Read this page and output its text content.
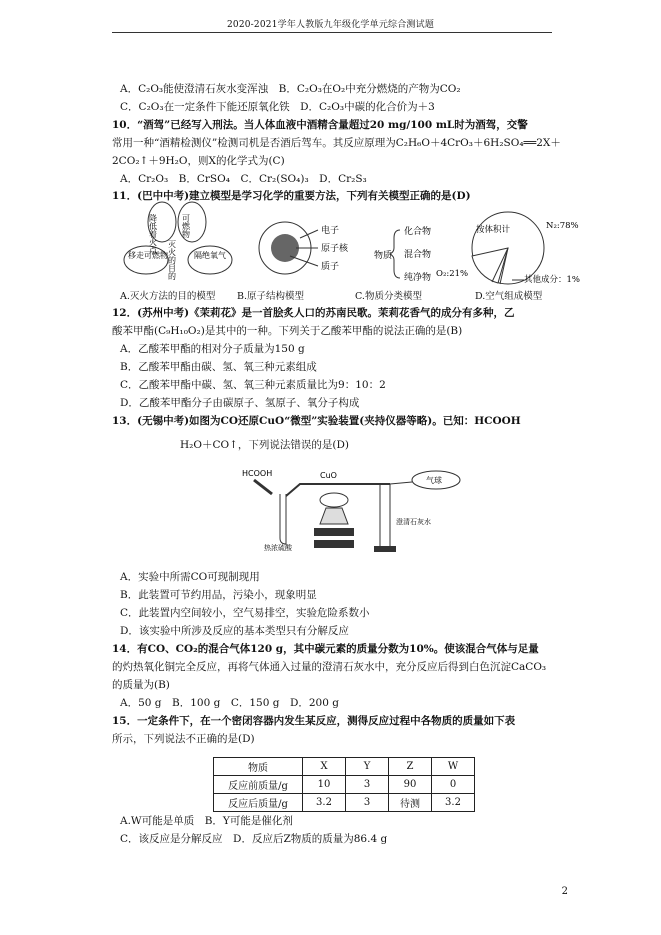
2020-2021学年人教版九年级化学单元综合测试题
A．C₂O₃能使澄清石灰水变浑浊　B．C₂O₃在O₂中充分燃烧的产物为CO₂
C．C₂O₃在一定条件下能还原氧化铁　D．C₂O₃中碳的化合价为＋3
10．“酒驾”已经写入刑法。当人体血液中酒精含量超过20 mg/100 mL时为酒驾，交警
常用一种“酒精检测仪”检测司机是否酒后驾车。其反应原理为C₂H₆O＋4CrO₃＋6H₂SO₄══2X＋
2CO₂↑＋9H₂O，则X的化学式为(C)
A．Cr₂O₃　B．CrSO₄　C．Cr₂(SO₄)₃　D．Cr₂S₃
11．(巴中中考)建立模型是学习化学的重要方法，下列有关模型正确的是(D)
降低着火点	可燃物
移走可燃物	隔绝氧气
灭火的目的
电子
原子核
质子
物质
化合物
混合物
纯净物
按体积计	N₂:78%
O₂:21%
其他成分：1%
A.灭火方法的目的模型 B.原子结构模型	C.物质分类模型	D.空气组成模型
12．(苏州中考)《茉莉花》是一首脍炙人口的苏南民歌。茉莉花香气的成分有多种，乙
酸苯甲酯(C₉H₁₀O₂)是其中的一种。下列关于乙酸苯甲酯的说法正确的是(B)
A．乙酸苯甲酯的相对分子质量为150 g
B．乙酸苯甲酯由碳、氢、氧三种元素组成
C．乙酸苯甲酯中碳、氢、氧三种元素质量比为9：10：2
D．乙酸苯甲酯分子由碳原子、氢原子、氧分子构成
13．(无锡中考)如图为CO还原CuO“微型”实验装置(夹持仪器等略)。已知：HCOOH
H₂O＋CO↑，下列说法错误的是(D)
HCOOH
热浓硫酸
CuO
澄清石灰水
气球
A．实验中所需CO可现制现用
B．此装置可节约用品，污染小，现象明显
C．此装置内空间较小，空气易排空，实验危险系数小
D．该实验中所涉及反应的基本类型只有分解反应
14．有CO、CO₂的混合气体120 g，其中碳元素的质量分数为10%。使该混合气体与足量
的灼热氧化铜完全反应，再将气体通入过量的澄清石灰水中，充分反应后得到白色沉淀CaCO₃
的质量为(B)
A．50 g　B．100 g　C．150 g　D．200 g
15．一定条件下，在一个密闭容器内发生某反应，测得反应过程中各物质的质量如下表
所示，下列说法不正确的是(D)
物质	X	Y	Z	W
反应前质量/g	10	3	90	0
反应后质量/g	3.2	3	待测	3.2
A.W可能是单质　B．Y可能是催化剂
C．该反应是分解反应　D．反应后Z物质的质量为86.4 g
2
